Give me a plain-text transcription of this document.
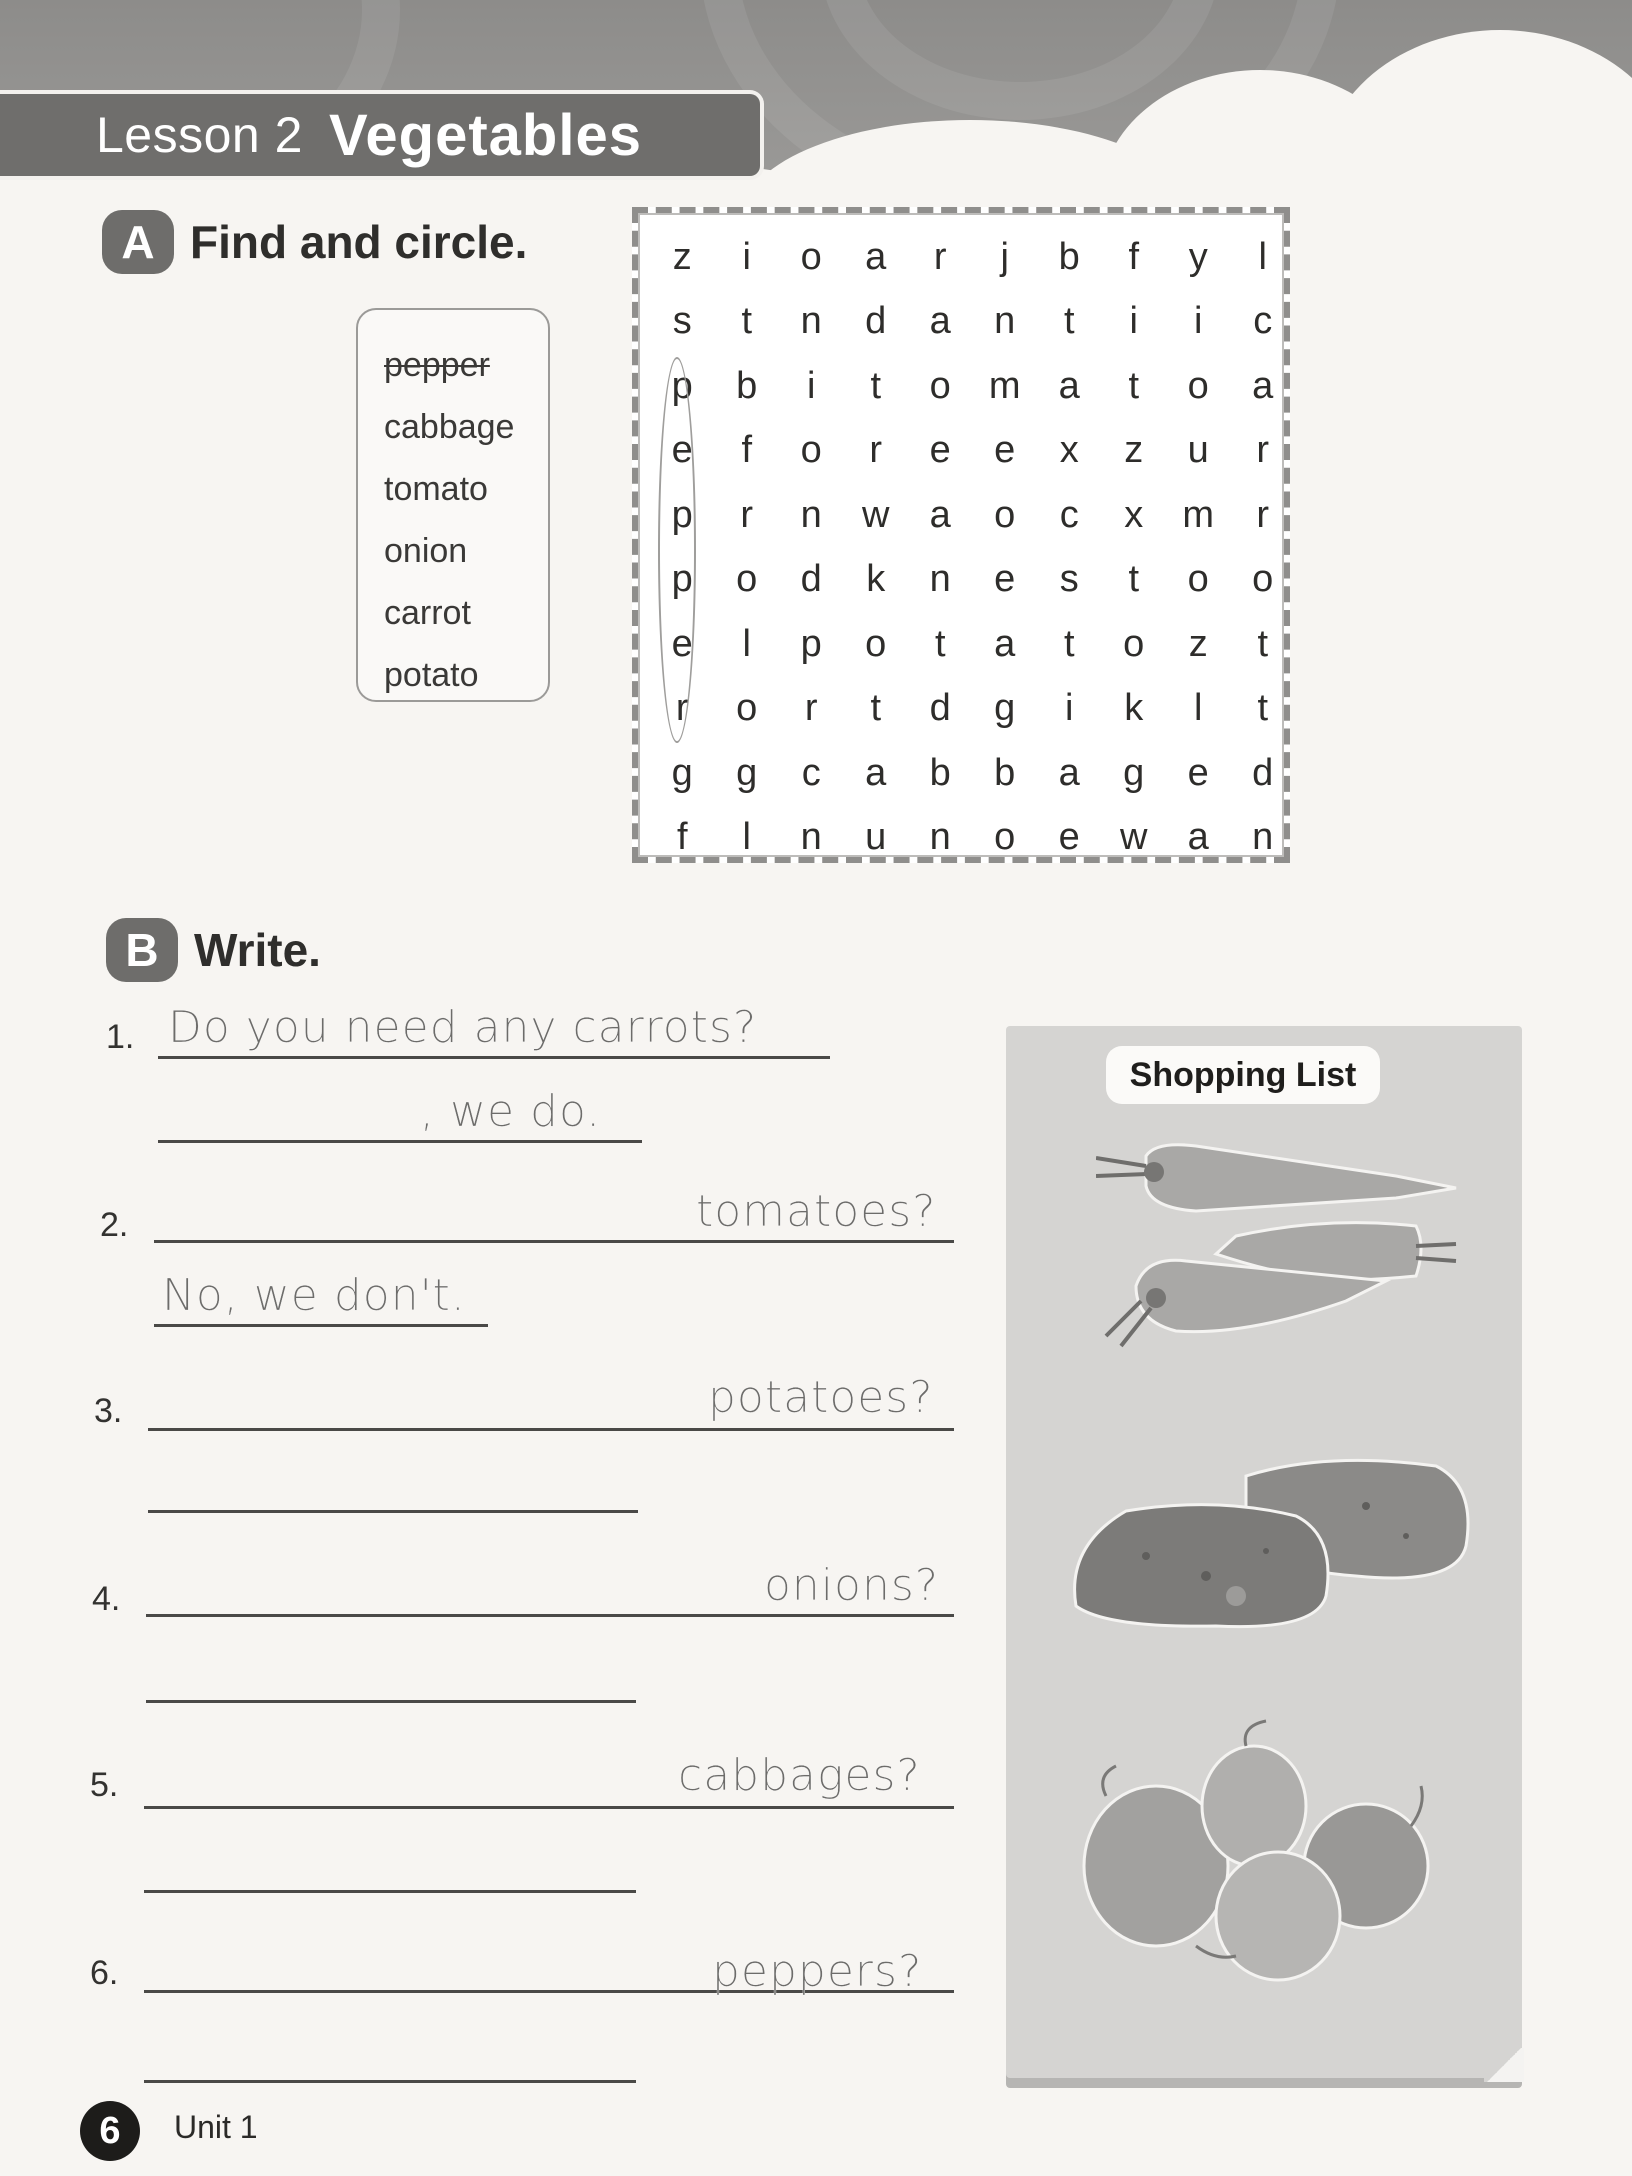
Lesson 2 Vegetables
A Find and circle.
pepper
cabbage
tomato
onion
carrot
potato
z	i	o	a	r	j	b	f	y	l
s	t	n	d	a	n	t	i	i	c
p	b	i	t	o	m	a	t	o	a
e	f	o	r	e	e	x	z	u	r
p	r	n	w	a	o	c	x	m	r
p	o	d	k	n	e	s	t	o	o
e	l	p	o	t	a	t	o	z	t
r	o	r	t	d	g	i	k	l	t
g	g	c	a	b	b	a	g	e	d
f	l	n	u	n	o	e	w	a	n
B Write.
1. Do you need any carrots?
, we do.
2.	tomatoes?
No, we don't.
3.	potatoes?
4.	onions?
5.	cabbages?
6.	peppers?
Shopping List
6	Unit 1
